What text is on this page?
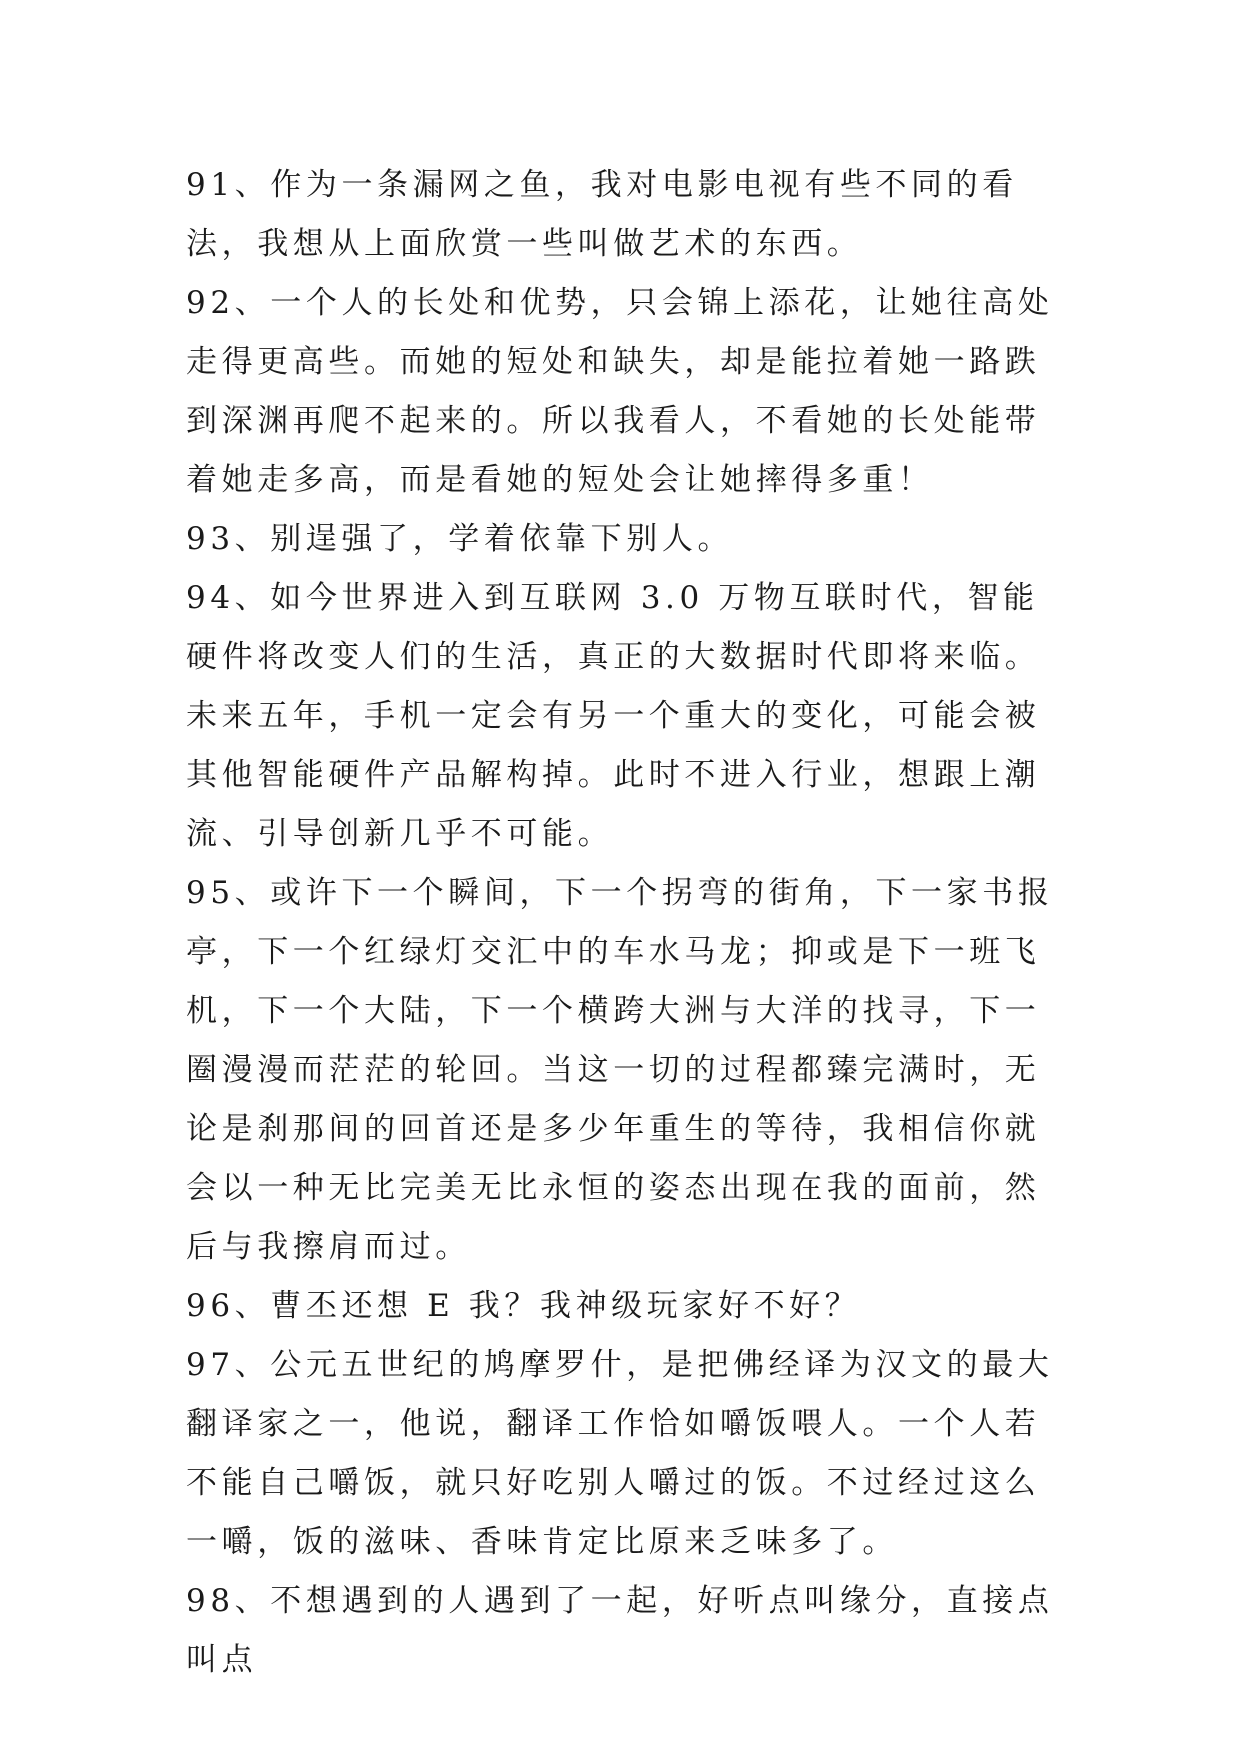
91、作为一条漏网之鱼，我对电影电视有些不同的看法，我想从上面欣赏一些叫做艺术的东西。

92、一个人的长处和优势，只会锦上添花，让她往高处走得更高些。而她的短处和缺失，却是能拉着她一路跌到深渊再爬不起来的。所以我看人，不看她的长处能带着她走多高，而是看她的短处会让她摔得多重！

93、别逞强了，学着依靠下别人。

94、如今世界进入到互联网 3.0 万物互联时代，智能硬件将改变人们的生活，真正的大数据时代即将来临。未来五年，手机一定会有另一个重大的变化，可能会被其他智能硬件产品解构掉。此时不进入行业，想跟上潮流、引导创新几乎不可能。

95、或许下一个瞬间，下一个拐弯的街角，下一家书报亭，下一个红绿灯交汇中的车水马龙；抑或是下一班飞机，下一个大陆，下一个横跨大洲与大洋的找寻，下一圈漫漫而茫茫的轮回。当这一切的过程都臻完满时，无论是刹那间的回首还是多少年重生的等待，我相信你就会以一种无比完美无比永恒的姿态出现在我的面前，然后与我擦肩而过。

96、曹丕还想 E 我？我神级玩家好不好？

97、公元五世纪的鸠摩罗什，是把佛经译为汉文的最大翻译家之一，他说，翻译工作恰如嚼饭喂人。一个人若不能自己嚼饭，就只好吃别人嚼过的饭。不过经过这么一嚼，饭的滋味、香味肯定比原来乏味多了。

98、不想遇到的人遇到了一起，好听点叫缘分，直接点叫点
